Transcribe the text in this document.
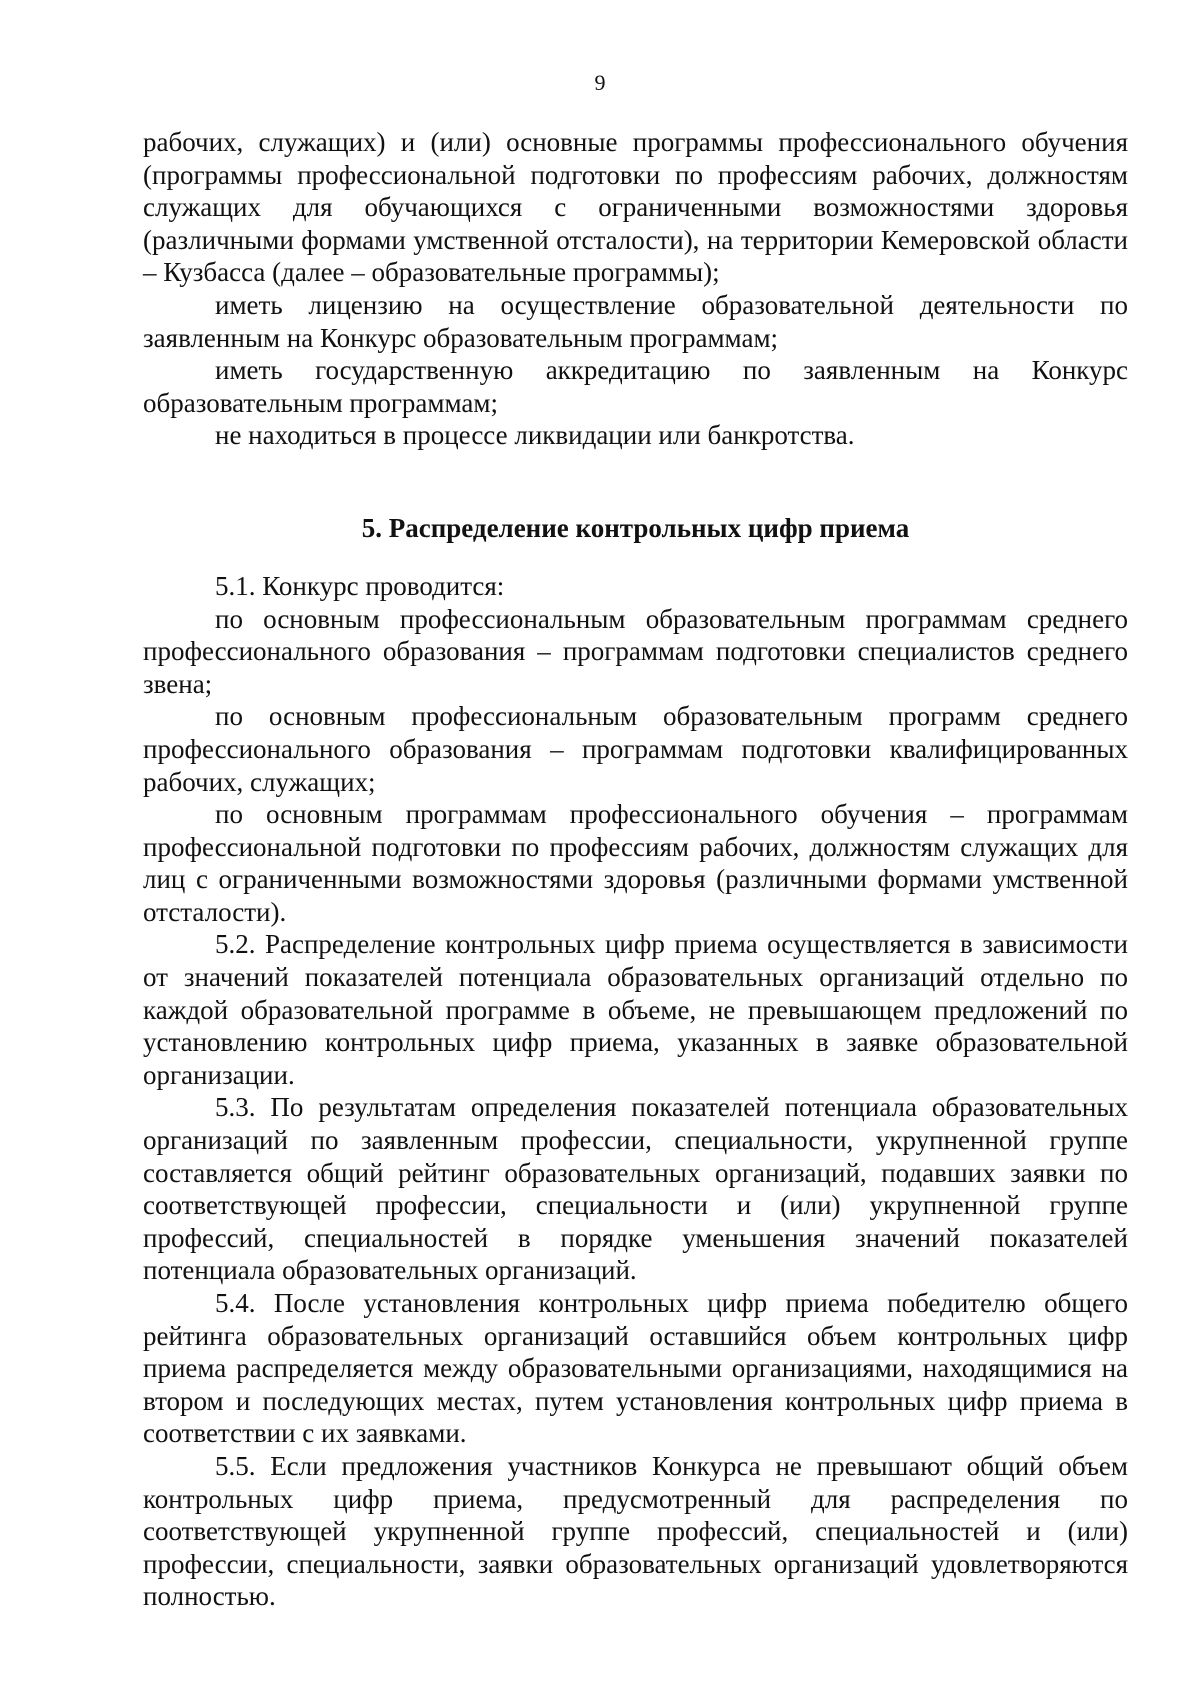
9

рабочих, служащих) и (или) основные программы профессионального обучения (программы профессиональной подготовки по профессиям рабочих, должностям служащих для обучающихся с ограниченными возможностями здоровья (различными формами умственной отсталости), на территории Кемеровской области – Кузбасса (далее – образовательные программы);

иметь лицензию на осуществление образовательной деятельности по заявленным на Конкурс образовательным программам;

иметь государственную аккредитацию по заявленным на Конкурс образовательным программам;

не находиться в процессе ликвидации или банкротства.

5. Распределение контрольных цифр приема

5.1. Конкурс проводится:

по основным профессиональным образовательным программам среднего профессионального образования – программам подготовки специалистов среднего звена;

по основным профессиональным образовательным программ среднего профессионального образования – программам подготовки квалифицированных рабочих, служащих;

по основным программам профессионального обучения – программам профессиональной подготовки по профессиям рабочих, должностям служащих для лиц с ограниченными возможностями здоровья (различными формами умственной отсталости).

5.2. Распределение контрольных цифр приема осуществляется в зависимости от значений показателей потенциала образовательных организаций отдельно по каждой образовательной программе в объеме, не превышающем предложений по установлению контрольных цифр приема, указанных в заявке образовательной организации.

5.3. По результатам определения показателей потенциала образовательных организаций по заявленным профессии, специальности, укрупненной группе составляется общий рейтинг образовательных организаций, подавших заявки по соответствующей профессии, специальности и (или) укрупненной группе профессий, специальностей в порядке уменьшения значений показателей потенциала образовательных организаций.

5.4. После установления контрольных цифр приема победителю общего рейтинга образовательных организаций оставшийся объем контрольных цифр приема распределяется между образовательными организациями, находящимися на втором и последующих местах, путем установления контрольных цифр приема в соответствии с их заявками.

5.5. Если предложения участников Конкурса не превышают общий объем контрольных цифр приема, предусмотренный для распределения по соответствующей укрупненной группе профессий, специальностей и (или) профессии, специальности, заявки образовательных организаций удовлетворяются полностью.
